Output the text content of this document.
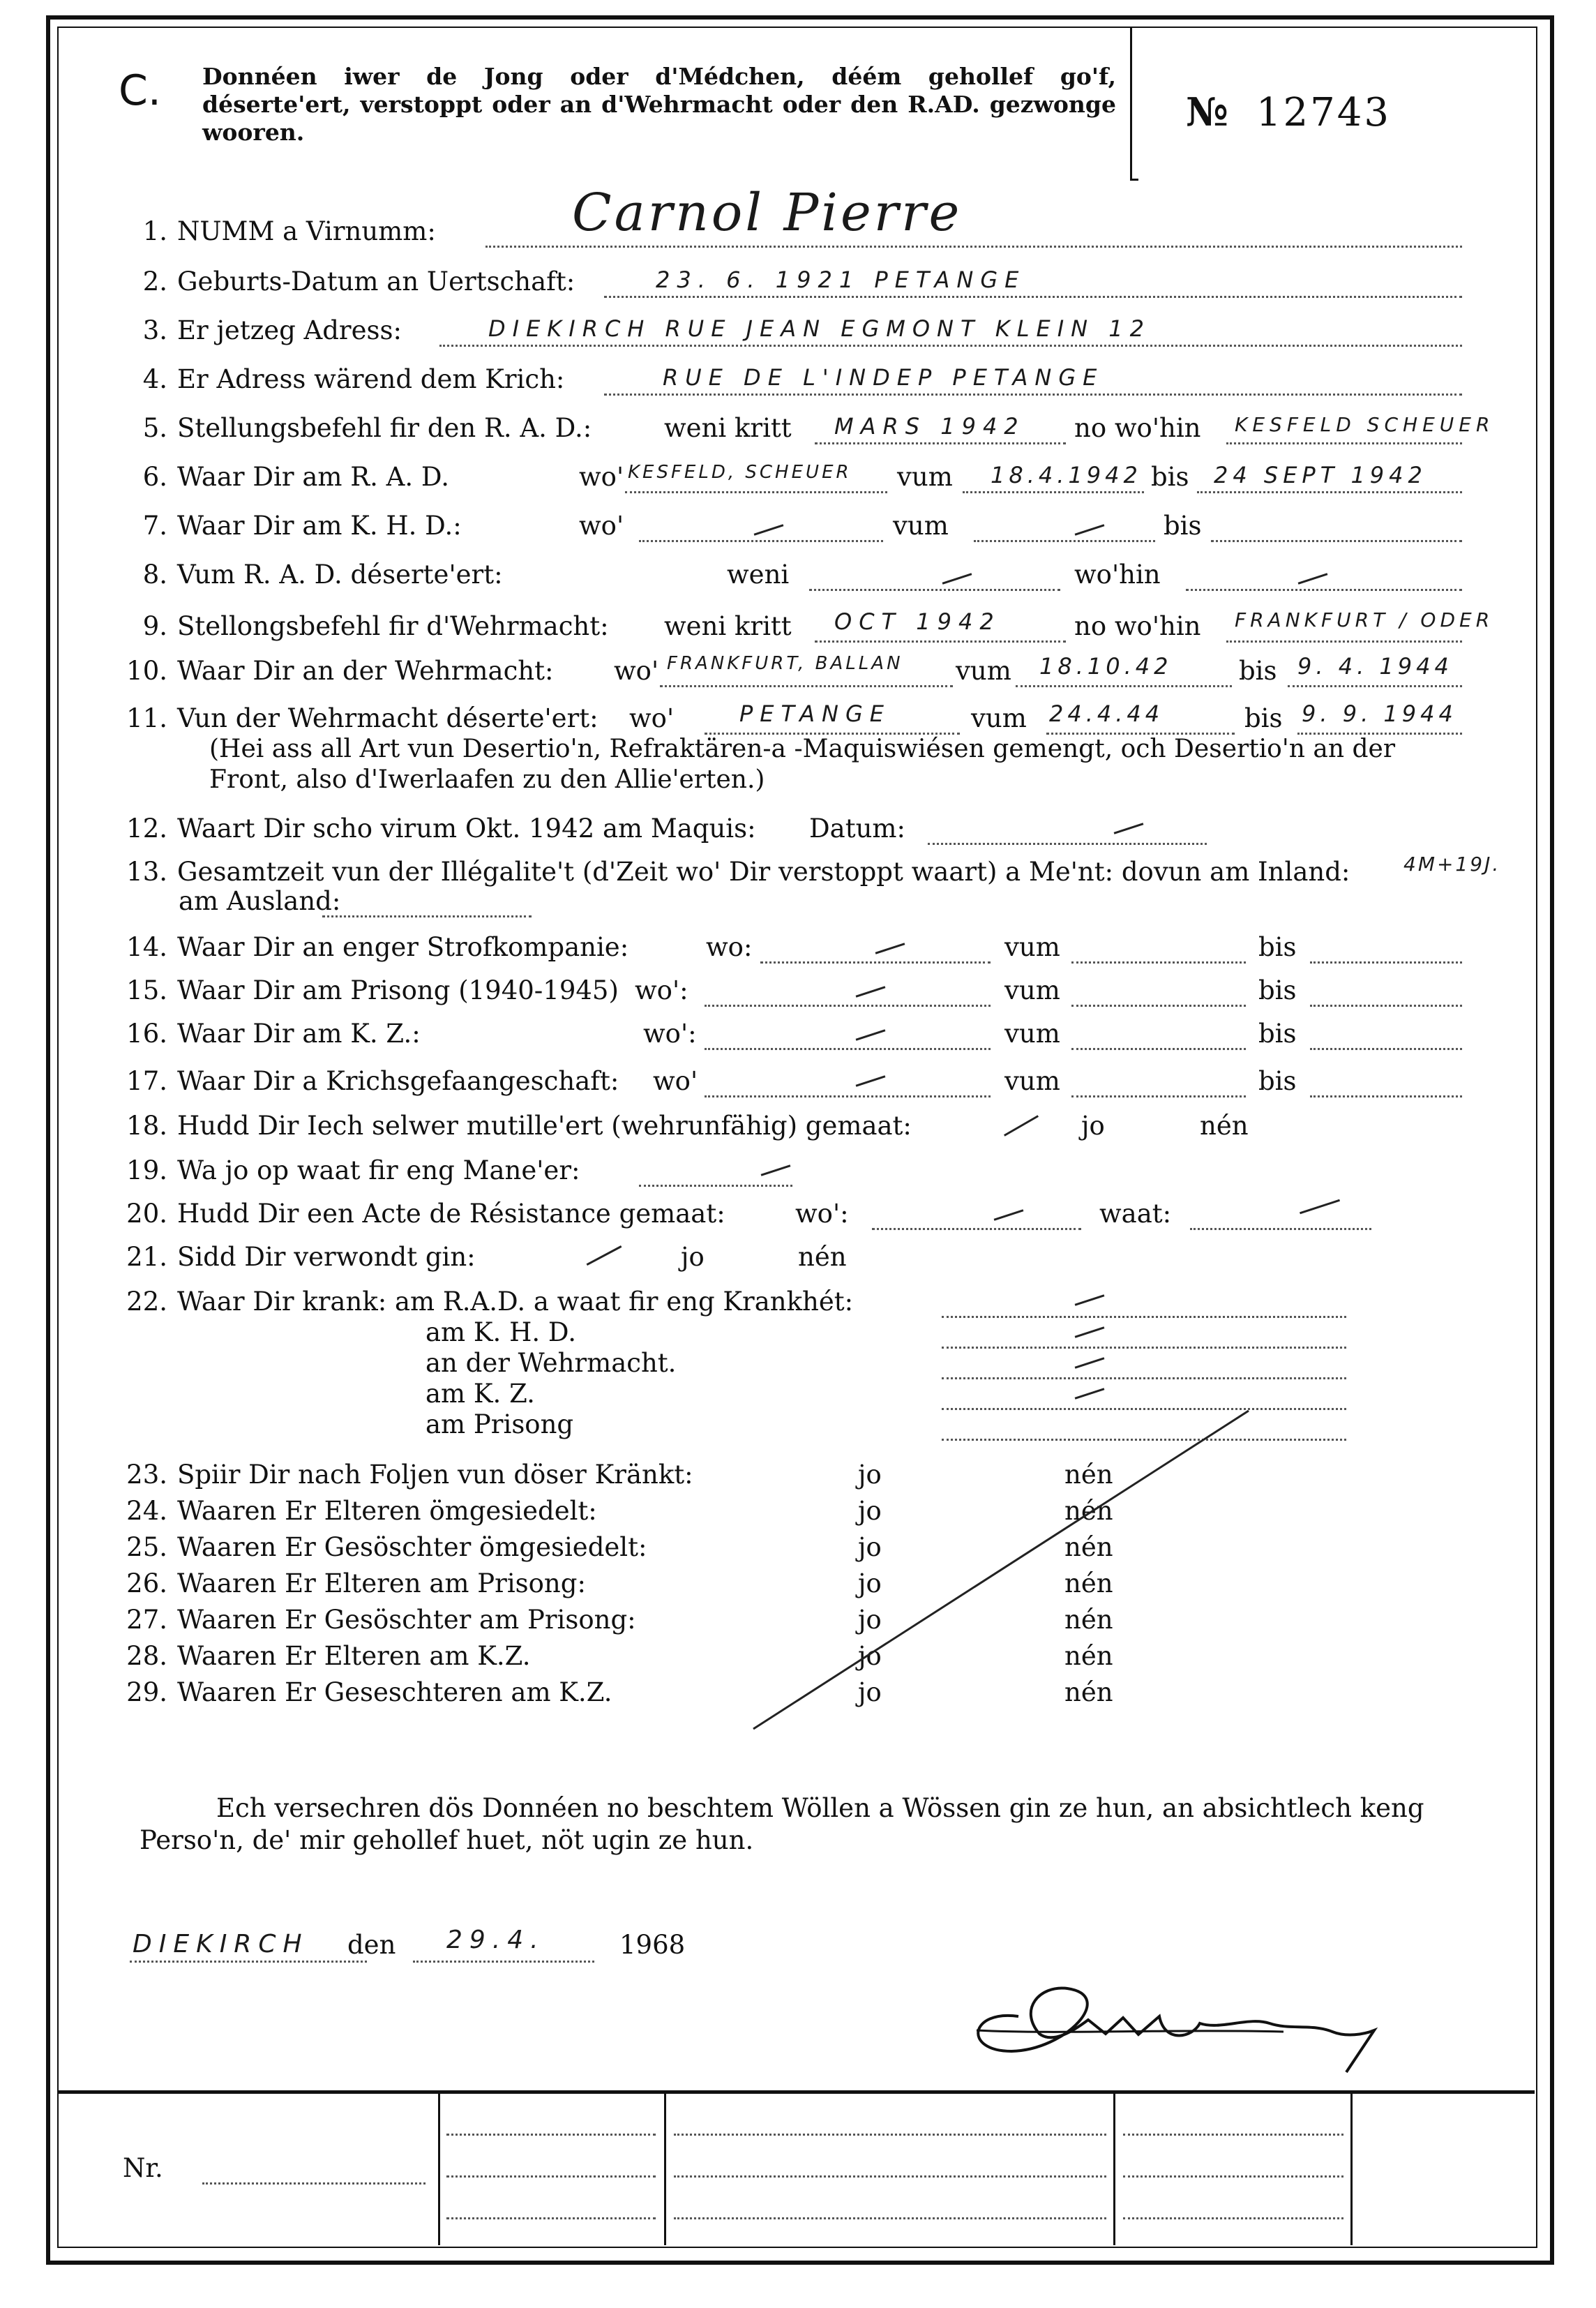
C. Donnéen iwer de Jong oder d'Médchen, déém gehollef go'f, déserte'ert, verstoppt oder an d'Wehrmacht oder den R.AD. gezwonge wooren.	№ 12743
1. NUMM a Virnumm:	Carnol Pierre
2. Geburts-Datum an Uertschaft:	23. 6. 1921 PETANGE
3. Er jetzeg Adress:	DIEKIRCH RUE JEAN EGMONT KLEIN 12
4. Er Adress wärend dem Krich:	RUE DE L'INDEP PETANGE
5. Stellungsbefehl fir den R. A. D.:	weni kritt MARS 1942 no wo'hin KESFELD SCHEUER
6. Waar Dir am R. A. D.	wo' KESFELD, SCHEUER vum 18.4.1942 bis 24 SEPT 1942
7. Waar Dir am K. H. D.:	wo'	vum	bis
8. Vum R. A. D. déserte'ert:	weni	wo'hin
9. Stellongsbefehl fir d'Wehrmacht: weni kritt OCT 1942	no wo'hin FRANKFURT / ODER
10. Waar Dir an der Wehrmacht: wo' FRANKFURT, BALLAN vum 18.10.42	bis 9. 4. 1944
11. Vun der Wehrmacht déserte'ert: wo'	PETANGE	vum 24.4.44	bis 9. 9. 1944
(Hei ass all Art vun Desertio'n, Refraktären-a -Maquiswiésen gemengt, och Desertio'n an der
Front, also d'Iwerlaafen zu den Allie'erten.)
12. Waart Dir scho virum Okt. 1942 am Maquis: Datum:
13. Gesamtzeit vun der Illégalite't (d'Zeit wo' Dir verstoppt waart) a Me'nt: dovun am Inland:	4M+19J.
am Ausland:
14. Waar Dir an enger Strofkompanie:	wo:	vum	bis
15. Waar Dir am Prisong (1940-1945) wo':	vum	bis
16. Waar Dir am K. Z.:	wo':	vum	bis
17. Waar Dir a Krichsgefaangeschaft: wo'	vum	bis
18. Hudd Dir Iech selwer mutille'ert (wehrunfähig) gemaat:	jo	nén
19. Wa jo op waat fir eng Mane'er:
20. Hudd Dir een Acte de Résistance gemaat:	wo':	waat:
21. Sidd Dir verwondt gin:	jo	nén
22. Waar Dir krank: am R.A.D. a waat fir eng Krankhét:
am K. H. D.
an der Wehrmacht.
am K. Z.
am Prisong
23. Spiir Dir nach Foljen vun döser Kränkt:	jo	nén
24. Waaren Er Elteren ömgesiedelt:	jo	nén
25. Waaren Er Gesöschter ömgesiedelt:	jo	nén
26. Waaren Er Elteren am Prisong:	jo	nén
27. Waaren Er Gesöschter am Prisong:	jo	nén
28. Waaren Er Elteren am K.Z.	jo	nén
29. Waaren Er Geseschteren am K.Z.	jo	nén
Ech versechren dös Donnéen no beschtem Wöllen a Wössen gin ze hun, an absichtlech keng
Perso'n, de' mir gehollef huet, nöt ugin ze hun.
DIEKIRCH den 29.4.	1968
Nr.
